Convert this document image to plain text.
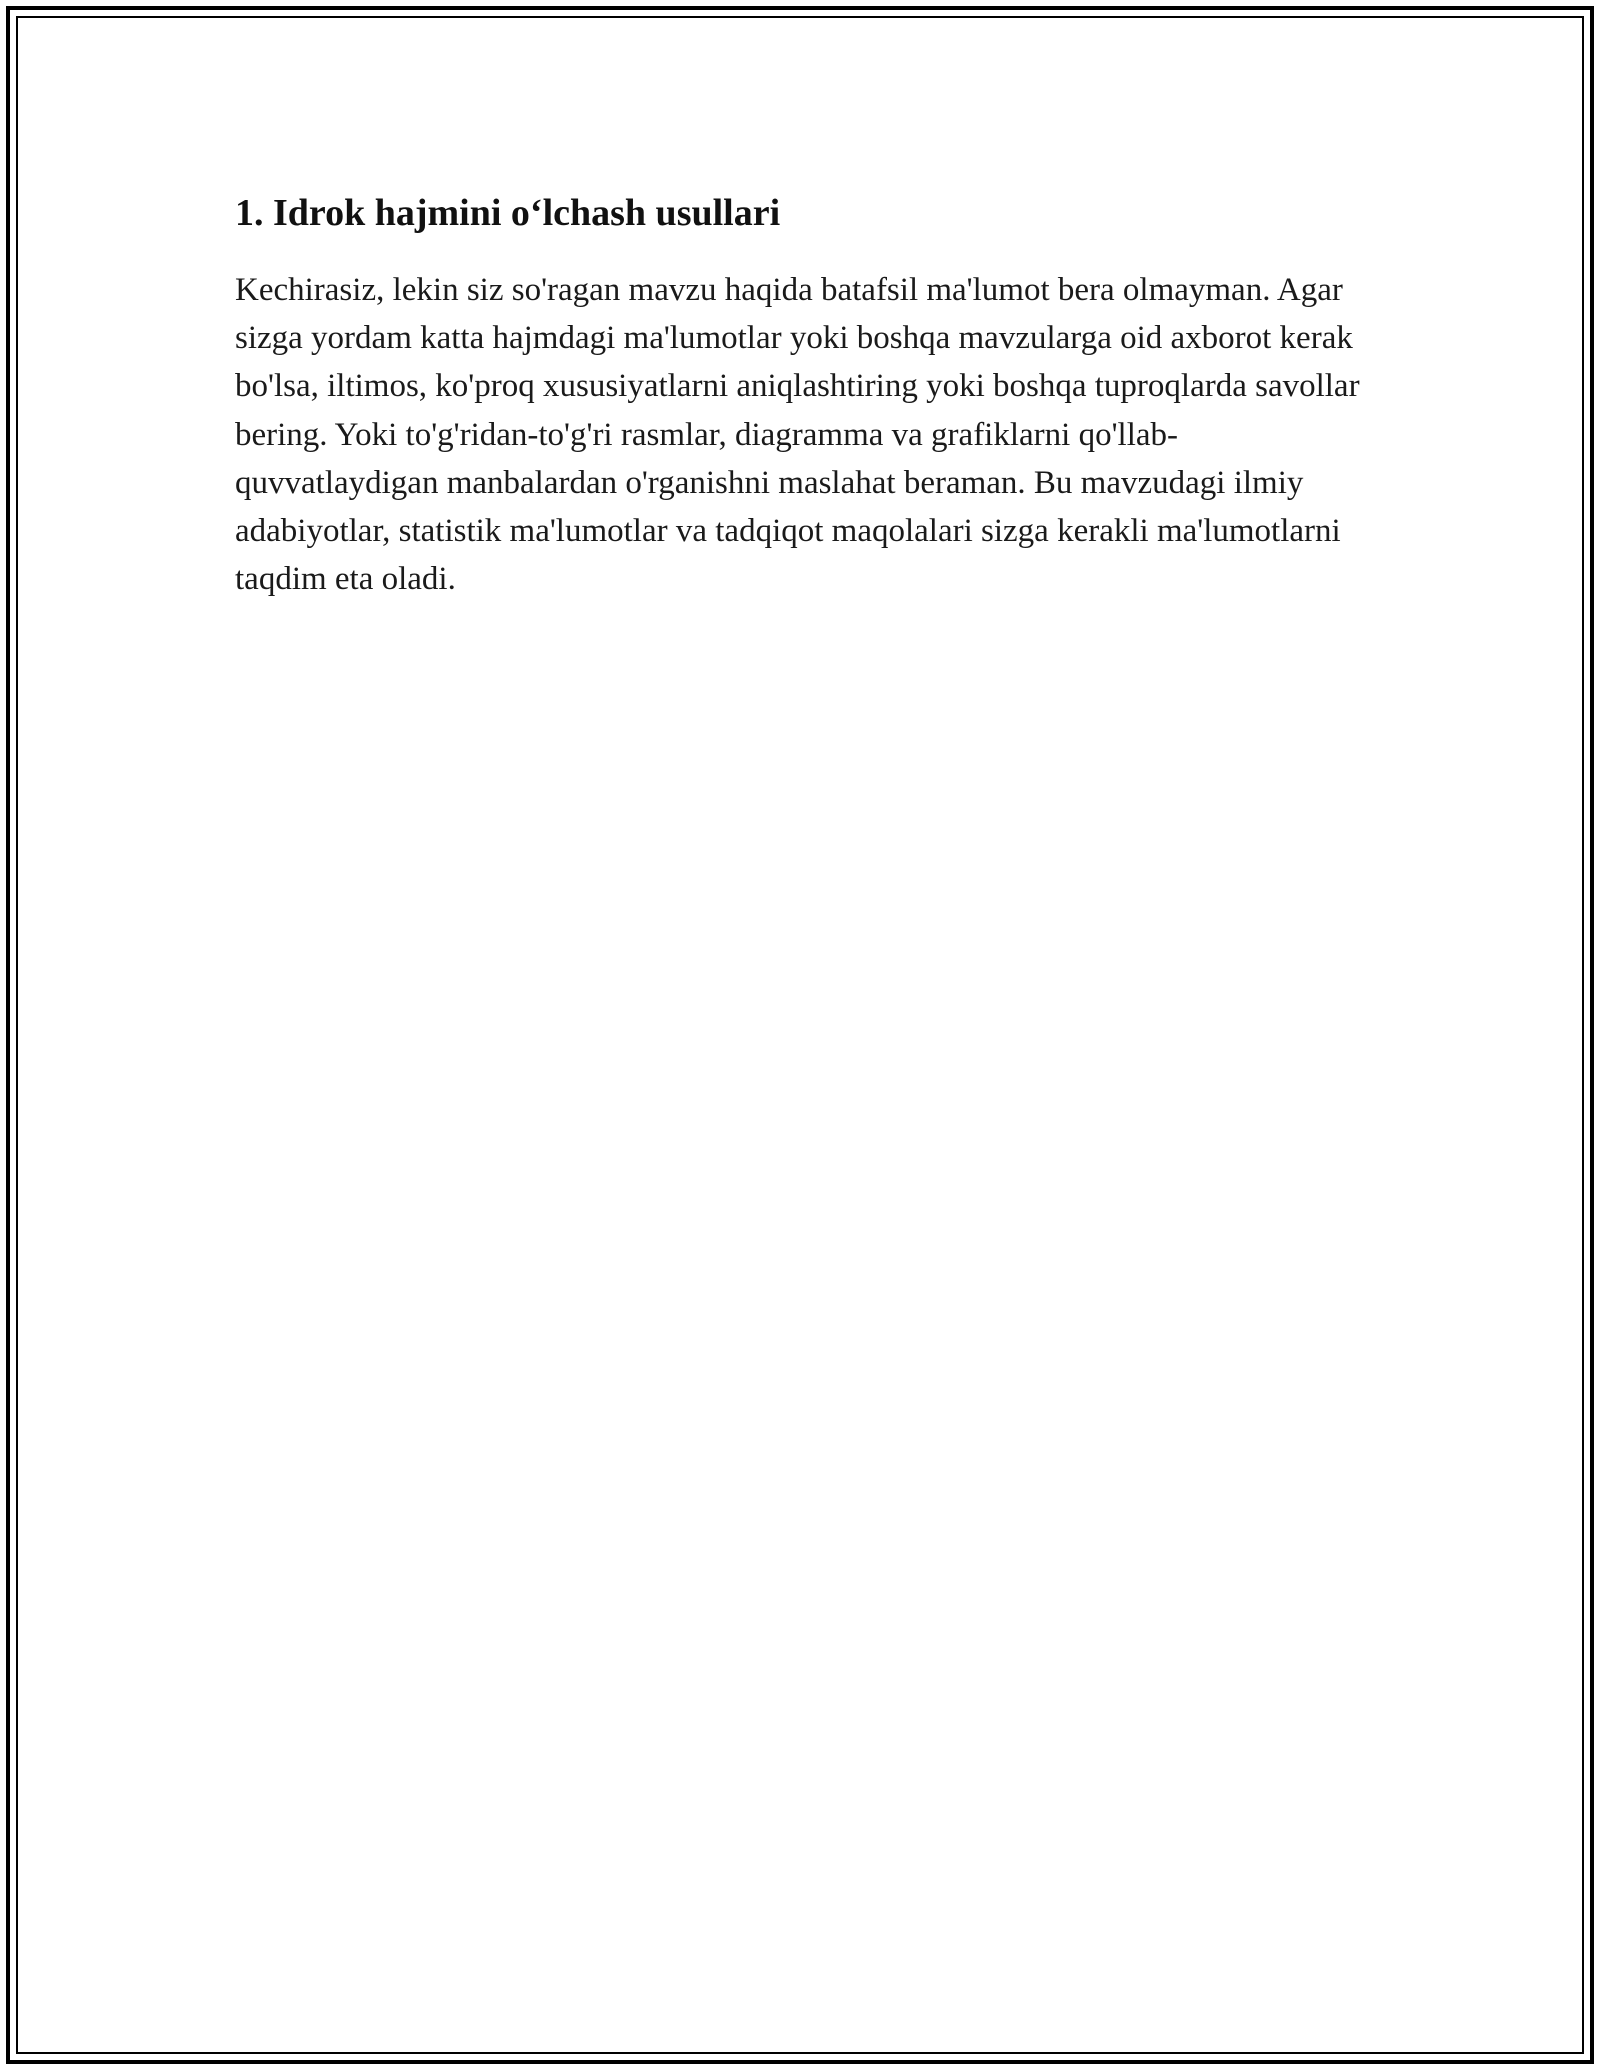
1. Idrok hajmini o‘lchash usullari

Kechirasiz, lekin siz so'ragan mavzu haqida batafsil ma'lumot bera olmayman. Agar sizga yordam katta hajmdagi ma'lumotlar yoki boshqa mavzularga oid axborot kerak bo'lsa, iltimos, ko'proq xususiyatlarni aniqlashtiring yoki boshqa tuproqlarda savollar bering. Yoki to'g'ridan-to'g'ri rasmlar, diagramma va grafiklarni qo'llab-quvvatlaydigan manbalardan o'rganishni maslahat beraman. Bu mavzudagi ilmiy adabiyotlar, statistik ma'lumotlar va tadqiqot maqolalari sizga kerakli ma'lumotlarni taqdim eta oladi.
